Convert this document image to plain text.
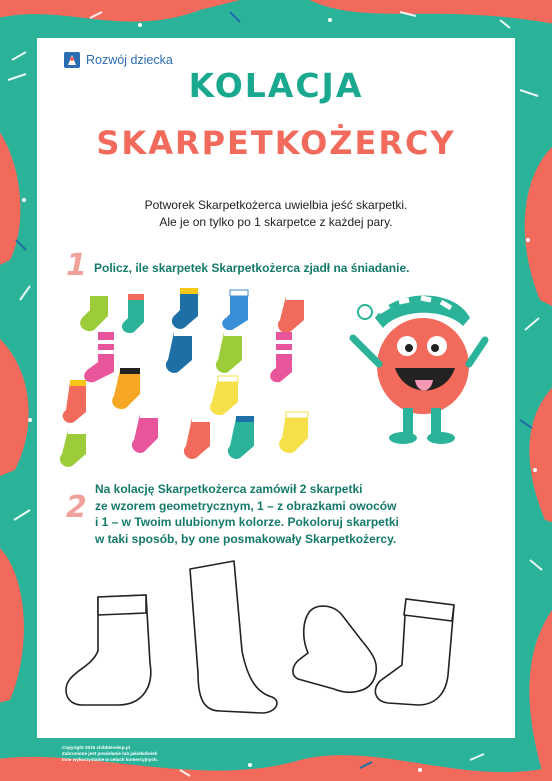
Rozwój dziecka
KOLACJA
SKARPETKOŻERCY
Potworek Skarpetkożerca uwielbia jeść skarpetki.
Ale je on tylko po 1 skarpetce z każdej pary.
1 Policz, ile skarpetek Skarpetkożerca zjadł na śniadanie.
2
Na kolację Skarpetkożerca zamówił 2 skarpetki
ze wzorem geometrycznym, 1 – z obrazkami owoców
i 1 – w Twoim ulubionym kolorze. Pokoloruj skarpetki
w taki sposób, by one posmakowały Skarpetkożercy.
Copyright 2019 childdevelop.pl
Zabronione jest powielanie lub jakiekolwiek
inne wykorzystanie w celach komercyjnych.
